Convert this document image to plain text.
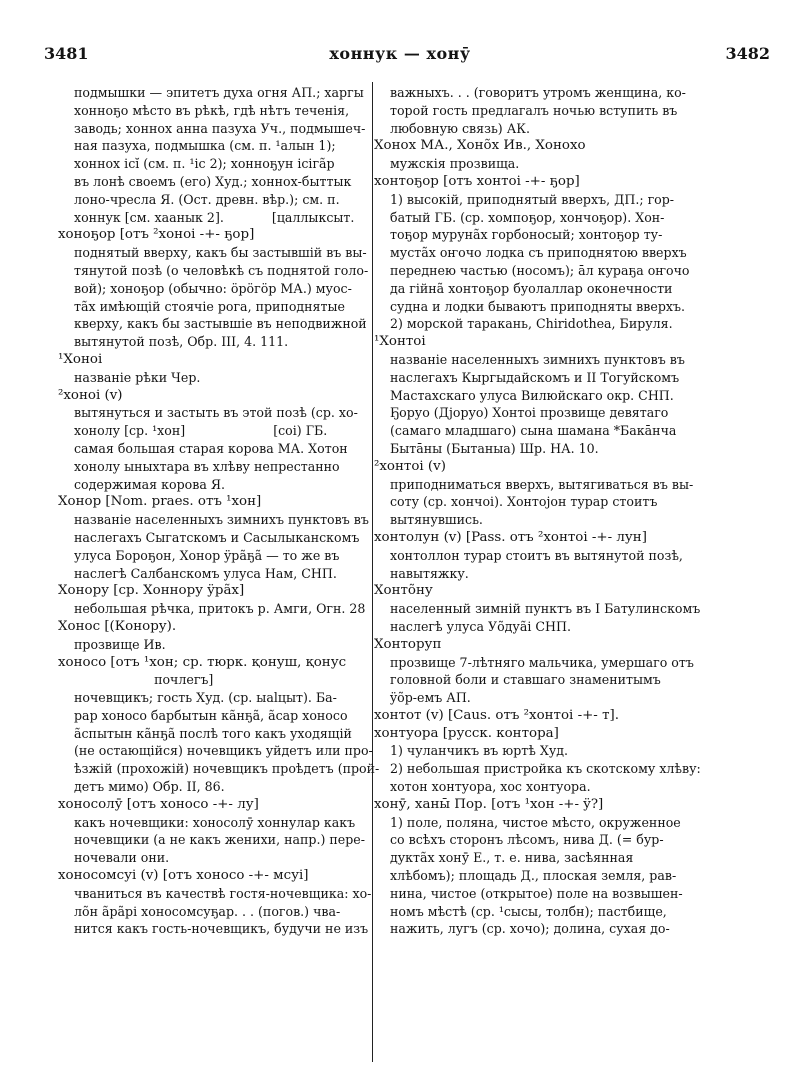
3481	хоннук — хонӯ	3482
подмышки — эпитетъ духа огня АП.; харгы
хонноҕо мѣсто въ рѣкѣ, гдѣ нѣтъ теченія,
заводь; хоннох анна пазуха Уч., подмышеч-
ная пазуха, подмышка (см. п. ¹алын 1);
хоннох ісі̆ (см. п. ¹іс 2); хонноҕун ісігãр
въ лонѣ своемъ (его) Худ.; хоннох-быттык
лоно-чресла Я. (Ост. древн. вѣр.); см. п.
хоннук [см. хаанык 2].            [цаллыксыт.
хоноҕор [отъ ²хоноі -+- ҕор]
поднятый вверху, какъ бы застывшій въ вы-
тянутой позѣ (о человѣкѣ съ поднятой голо-
вой); хоноҕор (обычно: ӧрӧгӧр МА.) муос-
тãх имѣющій стоячіе рога, приподнятые
кверху, какъ бы застывшіе въ неподвижной
вытянутой позѣ, Обр. III, 4. 111.
¹Хоноі
названіе рѣки Чер.
²хоноі (v)
вытянуться и застыть въ этой позѣ (ср. хо-
хонолу [ср. ¹хон]                      [соі) ГБ.
самая большая старая корова МА. Хотон
хонолу ыныхтара въ хлѣву непрестанно
содержимая корова Я.
Хонор [Nom. praes. отъ ¹хон]
названіе населенныхъ зимнихъ пунктовъ въ
наслегахъ Сыгатскомъ и Сасылыканскомъ
улуса Бороҕон, Хонор ÿрãҕã — то же въ
наслегѣ Салбанскомъ улуса Нам, СНП.
Хонору [ср. Хоннору ÿрãх]
небольшая рѣчка, притокъ р. Амги, Огн. 28
Хонос [(Конору).
прозвище Ив.
хоносо [отъ ¹хон; ср. тюрк. қонуш, қонус
почлегъ]
ночевщикъ; гость Худ. (ср. ыаlцыт). Ба-
рар хоносо барбытын кãнҕã, ãсар хоносо
ãспытын кãнҕã послѣ того какъ уходящій
(не остающійся) ночевщикъ уйдетъ или про-
ѣзжій (прохожій) ночевщикъ проѣдетъ (прой-
детъ мимо) Обр. II, 86.
хоносолӯ [отъ хоносо -+- лу]
какъ ночевщики: хоносолӯ хоннулар какъ
ночевщики (а не какъ женихи, напр.) пере-
ночевали они.
хоносомсуі (v) [отъ хоносо -+- мсуі]
чваниться въ качествѣ гостя-ночевщика: хо-
лõн ãрãрі хоносомсуҕар. . . (погов.) чва-
нится какъ гость-ночевщикъ, будучи не изъ
важныхъ. . . (говоритъ утромъ женщина, ко-
торой гость предлагалъ ночью вступить въ
любовную связь) АК.
Хонох МА., Хонõх Ив., Хонохо
мужскія прозвища.
хонтоҕор [отъ хонтоі -+- ҕор]
1) высокій, приподнятый вверхъ, ДП.; гор-
батый ГБ. (ср. хомпоҕор, хончоҕор). Хон-
тоҕор мурунãх горбоносый; хонтоҕор ту-
мустãх оҥочо лодка съ приподнятою вверхъ
переднею частью (носомъ); āл кураҕа оҥочо
да гійнã хонтоҕор буолаллар оконечности
судна и лодки бываютъ приподняты вверхъ.
2) морской таракань, Chiridothea, Бируля.
¹Хонтоі
названіе населенныхъ зимнихъ пунктовъ въ
наслегахъ Кыргыдайскомъ и II Тогуйскомъ
Мастахскаго улуса Вилюйскаго окр. СНП.
Ҕоруо (Дјоруо) Хонтоі прозвище девятаго
(самаго младшаго) сына шамана *Бакāнча
Бытāны (Бытаныа) Шр. НА. 10.
²хонтоі (v)
приподниматься вверхъ, вытягиваться въ вы-
соту (ср. хончоі). Хонтоjон турар стоитъ
вытянувшись.
хонтолун (v) [Pass. отъ ²хонтоі -+- лун]
хонтоллон турар стоитъ въ вытянутой позѣ,
навытяжку.
Хонтõну
населенный зимній пунктъ въ I Батулинскомъ
наслегѣ улуса Уõдуãі СНП.
Хонторуп
прозвище 7-лѣтняго мальчика, умершаго отъ
головной боли и ставшаго знаменитымъ
ÿõр-емъ АП.
хонтот (v) [Caus. отъ ²хонтоі -+- т].
хонтуора [русск. контора]
1) чуланчикъ въ юртѣ Худ.
2) небольшая пристройка къ скотскому хлѣву:
хотон хонтуора, хос хонтуора.
хонӯ, ханы̄ Пор. [отъ ¹хон -+- ÿ?]
1) поле, поляна, чистое мѣсто, окруженное
со всѣхъ сторонъ лѣсомъ, нива Д. (= бур-
дуктãх хонӯ Е., т. е. нива, засѣянная
хлѣбомъ); площадь Д., плоская земля, рав-
нина, чистое (открытое) поле на возвышен-
номъ мѣстѣ (ср. ¹сысы, толбн); пастбище,
нажить, лугъ (ср. хочо); долина, сухая до-
